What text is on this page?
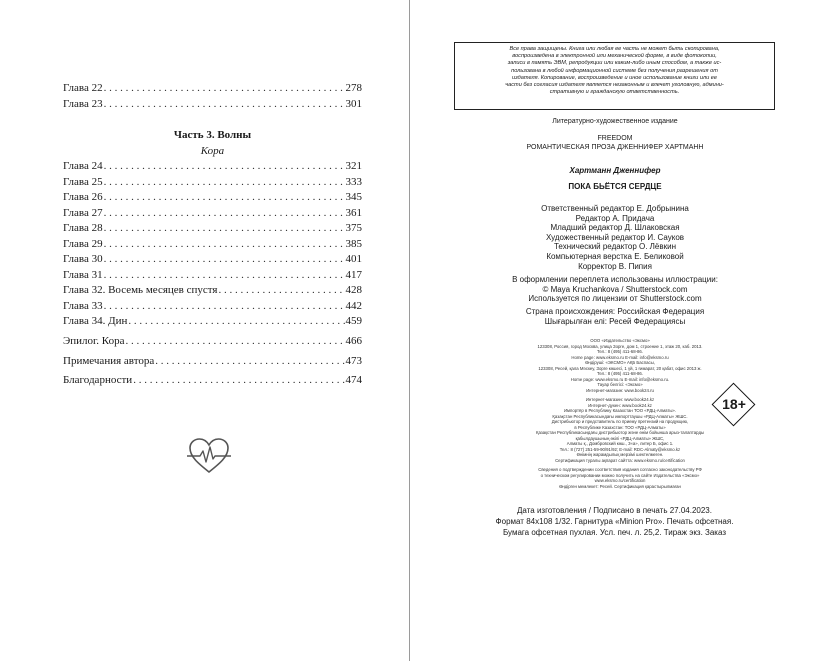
Глава 22 . . .	278
Глава 23 . . .	301
Часть 3. Волны
Кора
Глава 24 . . .	321
Глава 25 . . .	333
Глава 26 . . .	345
Глава 27 . . .	361
Глава 28 . . .	375
Глава 29 . . .	385
Глава 30 . . .	401
Глава 31 . . .	417
Глава 32. Восемь месяцев спустя . . .	428
Глава 33 . . .	442
Глава 34. Дин . . .	459
Эпилог. Кора . . .	466
Примечания автора . . .	473
Благодарности . . .	474
Все права защищены. Книга или любая ее часть не может быть скопирована,
воспроизведена в электронной или механической форме, в виде фотокопии,
записи в память ЭВМ, репродукции или каким-либо иным способом, а также ис-
пользована в любой информационной системе без получения разрешения от
издателя. Копирование, воспроизведение и иное использование книги или ее
части без согласия издателя является незаконным и влечет уголовную, админи-
стративную и гражданскую ответственность.
Литературно-художественное издание
FREEDOM
РОМАНТИЧЕСКАЯ ПРОЗА ДЖЕННИФЕР ХАРТМАНН
Хартманн Дженнифер
ПОКА БЬЁТСЯ СЕРДЦЕ
Ответственный редактор Е. Добрынина
Редактор А. Придача
Младший редактор Д. Шлаковская
Художественный редактор И. Сауков
Технический редактор О. Лёвкин
Компьютерная верстка Е. Беликовой
Корректор В. Пипия
В оформлении переплета использованы иллюстрации:
© Maya Kruchankova / Shutterstock.com
Используется по лицензии от Shutterstock.com
Страна происхождения: Российская Федерация
Шығарылған елі: Ресей Федерациясы
ООО «Издательство «Эксмо»
123308, Россия, город Москва, улица Зорге, дом 1, строение 1, этаж 20, каб. 2013.
Тел.: 8 (495) 411-68-86.
Home page: www.eksmo.ru E-mail: info@eksmo.ru
Өндіруші: «ЭКСМО» АҚБ Баспасы,
123308, Ресей, қала Мәскеу, Зорге көшесі, 1 үй, 1 ғимарат, 20 қабат, офис 2013 ж.
Тел.: 8 (495) 411-68-86.
Home page: www.eksmo.ru E-mail: info@eksmo.ru.
Тауар белгісі: «Эксмо»
Интернет-магазин: www.book24.ru
Интернет-магазин: www.book24.kz
Интернет-дүкен: www.book24.kz
Импортёр в Республику Казахстан ТОО «РДЦ-Алматы».
Қазақстан Республикасындағы импорттаушы «РДЦ-Алматы» ЖШС.
Дистрибьютор и представитель по приему претензий на продукцию,
в Республике Казахстан: ТОО «РДЦ-Алматы»
Қазақстан Республикасындағы дистрибьютор және өнім бойынша арыз-талаптарды
қабылдаушының өкілі «РДЦ-Алматы» ЖШС,
Алматы қ., Домбровский көш., 3«а», литер Б, офис 1.
Тел.: 8 (727) 251-59-90/91/92; E-mail: RDC-Almaty@eksmo.kz
Өнімнің жарамдылық мерзімі шектелмеген.
Сертификация туралы ақпарат сайтта: www.eksmo.ru/certification
Сведения о подтверждении соответствия издания согласно законодательству РФ
о техническом регулировании можно получить на сайте Издательства «Эксмо»
www.eksmo.ru/certification
Өндірген мемлекет: Ресей. Сертификация қарастырылмаған
18+
Дата изготовления / Подписано в печать 27.04.2023.
Формат 84x108 1/32. Гарнитура «Minion Pro». Печать офсетная.
Бумага офсетная пухлая. Усл. печ. л. 25,2. Тираж экз. Заказ
